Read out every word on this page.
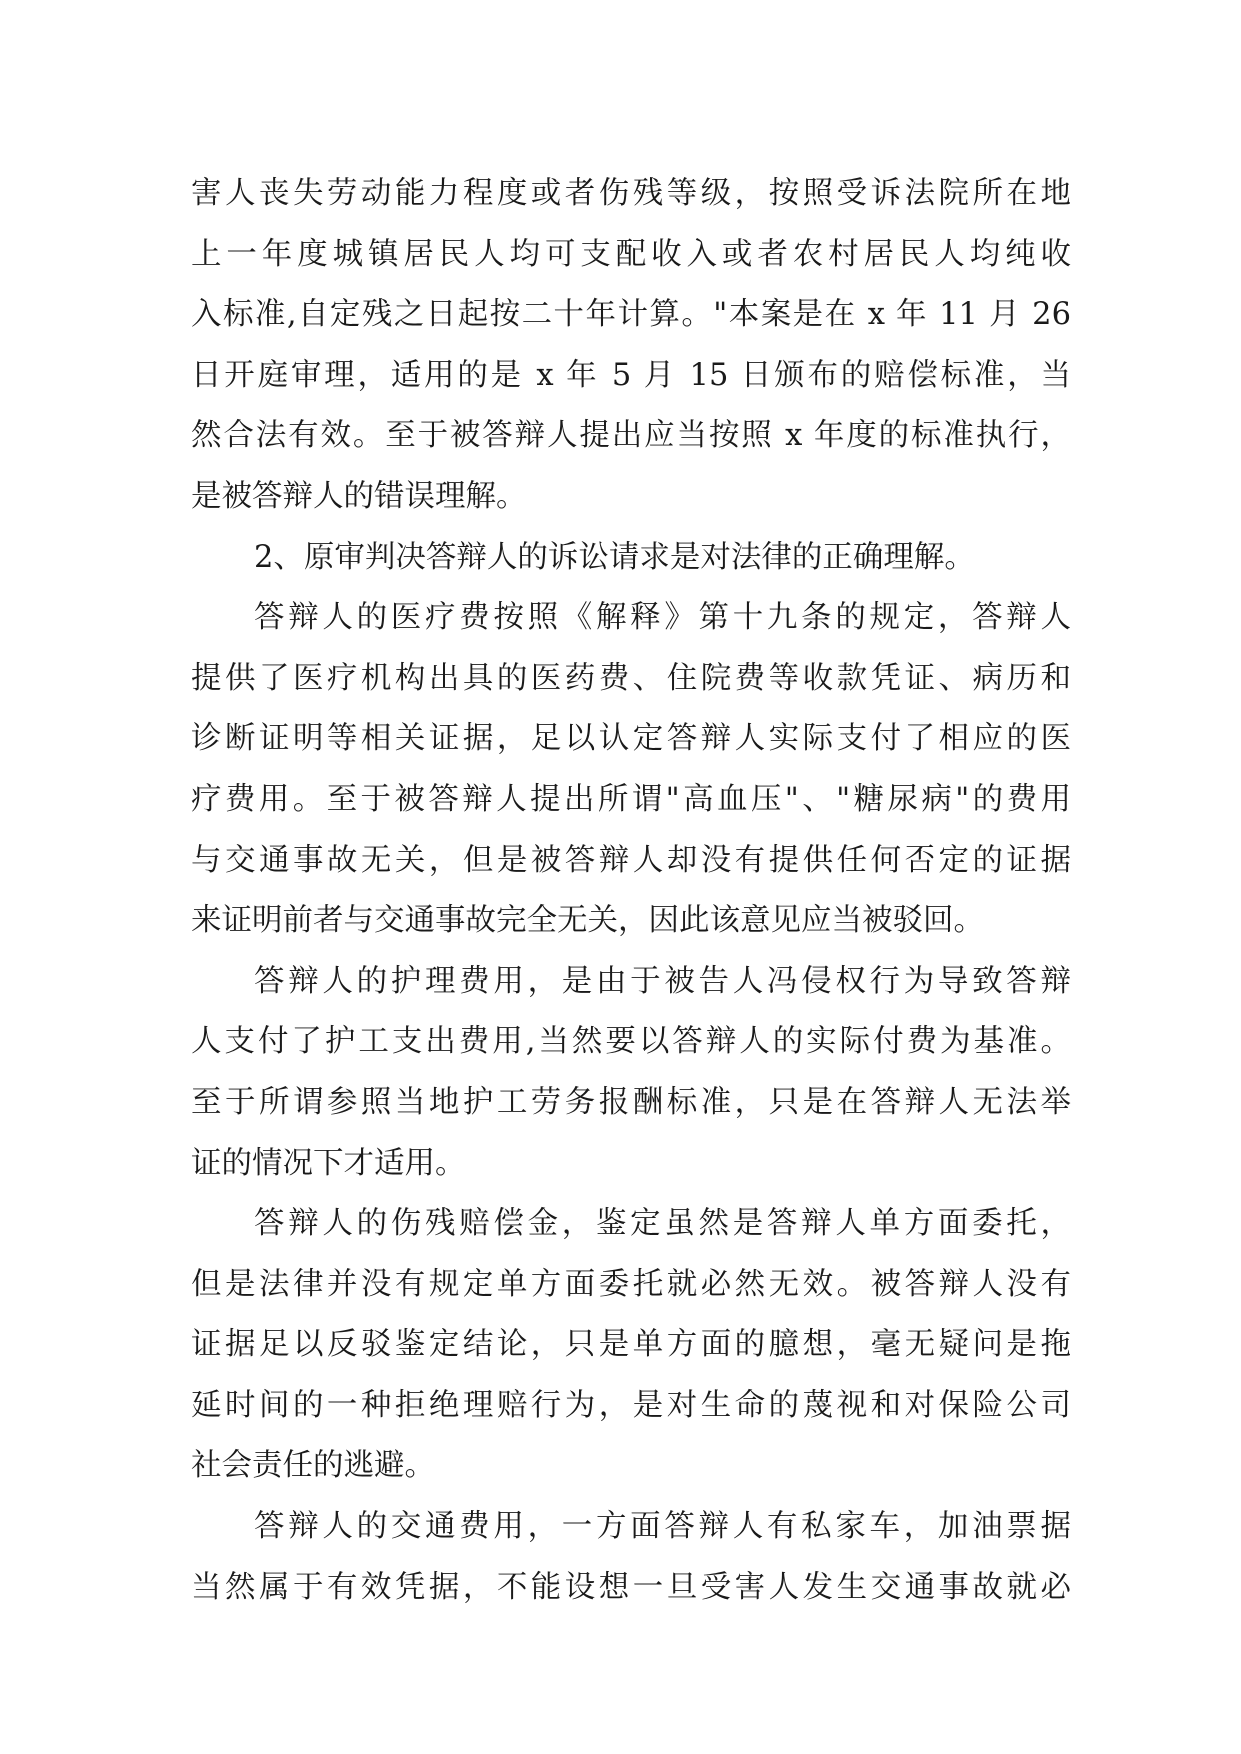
害人丧失劳动能力程度或者伤残等级，按照受诉法院所在地
上一年度城镇居民人均可支配收入或者农村居民人均纯收
入标准,自定残之日起按二十年计算。"本案是在 x 年 11 月 26
日开庭审理，适用的是 x 年 5 月 15 日颁布的赔偿标准，当
然合法有效。至于被答辩人提出应当按照 x 年度的标准执行，
是被答辩人的错误理解。
2、原审判决答辩人的诉讼请求是对法律的正确理解。
答辩人的医疗费按照《解释》第十九条的规定，答辩人
提供了医疗机构出具的医药费、住院费等收款凭证、病历和
诊断证明等相关证据，足以认定答辩人实际支付了相应的医
疗费用。至于被答辩人提出所谓"高血压"、"糖尿病"的费用
与交通事故无关，但是被答辩人却没有提供任何否定的证据
来证明前者与交通事故完全无关，因此该意见应当被驳回。
答辩人的护理费用，是由于被告人冯侵权行为导致答辩
人支付了护工支出费用,当然要以答辩人的实际付费为基准。
至于所谓参照当地护工劳务报酬标准，只是在答辩人无法举
证的情况下才适用。
答辩人的伤残赔偿金，鉴定虽然是答辩人单方面委托，
但是法律并没有规定单方面委托就必然无效。被答辩人没有
证据足以反驳鉴定结论，只是单方面的臆想，毫无疑问是拖
延时间的一种拒绝理赔行为，是对生命的蔑视和对保险公司
社会责任的逃避。
答辩人的交通费用，一方面答辩人有私家车，加油票据
当然属于有效凭据，不能设想一旦受害人发生交通事故就必
